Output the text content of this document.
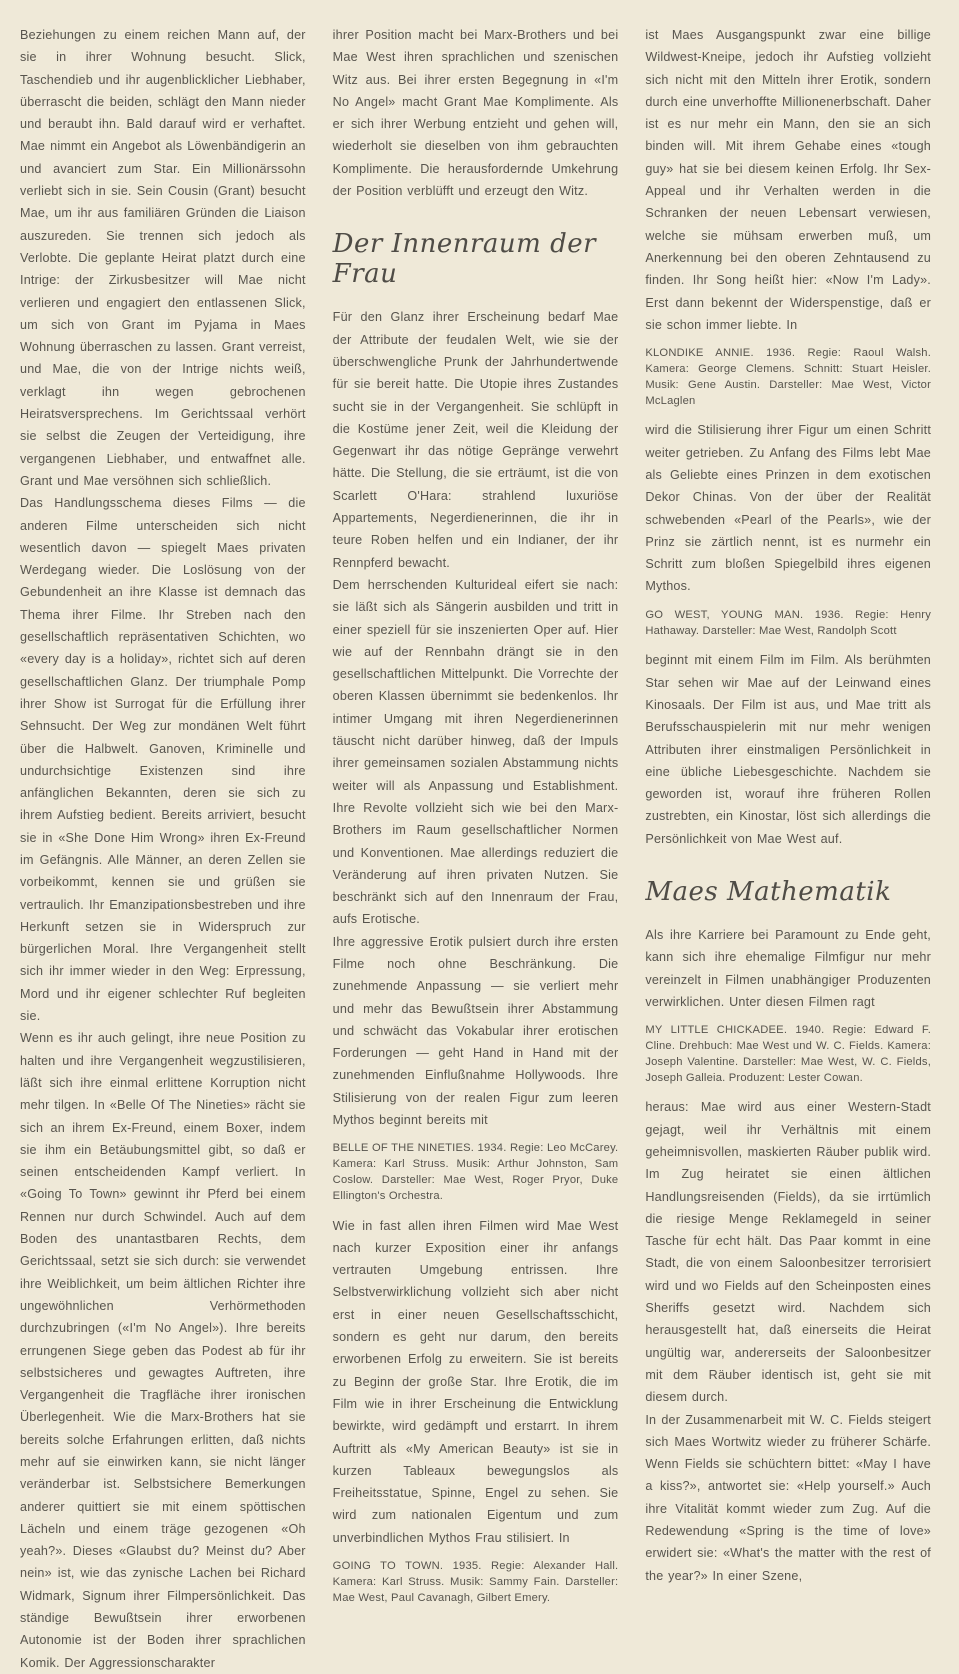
Beziehungen zu einem reichen Mann auf, der sie in ihrer Wohnung besucht. Slick, Taschendieb und ihr augenblicklicher Liebhaber, überrascht die beiden, schlägt den Mann nieder und beraubt ihn. Bald darauf wird er verhaftet. Mae nimmt ein Angebot als Löwenbändigerin an und avanciert zum Star. Ein Millionärssohn verliebt sich in sie. Sein Cousin (Grant) besucht Mae, um ihr aus familiären Gründen die Liaison auszureden. Sie trennen sich jedoch als Verlobte. Die geplante Heirat platzt durch eine Intrige: der Zirkusbesitzer will Mae nicht verlieren und engagiert den entlassenen Slick, um sich von Grant im Pyjama in Maes Wohnung überraschen zu lassen. Grant verreist, und Mae, die von der Intrige nichts weiß, verklagt ihn wegen gebrochenen Heiratsversprechens. Im Gerichtssaal verhört sie selbst die Zeugen der Verteidigung, ihre vergangenen Liebhaber, und entwaffnet alle. Grant und Mae versöhnen sich schließlich.

Das Handlungsschema dieses Films — die anderen Filme unterscheiden sich nicht wesentlich davon — spiegelt Maes privaten Werdegang wieder. Die Loslösung von der Gebundenheit an ihre Klasse ist demnach das Thema ihrer Filme. Ihr Streben nach den gesellschaftlich repräsentativen Schichten, wo «every day is a holiday», richtet sich auf deren gesellschaftlichen Glanz. Der triumphale Pomp ihrer Show ist Surrogat für die Erfüllung ihrer Sehnsucht. Der Weg zur mondänen Welt führt über die Halbwelt. Ganoven, Kriminelle und undurchsichtige Existenzen sind ihre anfänglichen Bekannten, deren sie sich zu ihrem Aufstieg bedient. Bereits arriviert, besucht sie in «She Done Him Wrong» ihren Ex-Freund im Gefängnis. Alle Männer, an deren Zellen sie vorbeikommt, kennen sie und grüßen sie vertraulich. Ihr Emanzipationsbestreben und ihre Herkunft setzen sie in Widerspruch zur bürgerlichen Moral. Ihre Vergangenheit stellt sich ihr immer wieder in den Weg: Erpressung, Mord und ihr eigener schlechter Ruf begleiten sie.

Wenn es ihr auch gelingt, ihre neue Position zu halten und ihre Vergangenheit wegzustilisieren, läßt sich ihre einmal erlittene Korruption nicht mehr tilgen. In «Belle Of The Nineties» rächt sie sich an ihrem Ex-Freund, einem Boxer, indem sie ihm ein Betäubungsmittel gibt, so daß er seinen entscheidenden Kampf verliert. In «Going To Town» gewinnt ihr Pferd bei einem Rennen nur durch Schwindel. Auch auf dem Boden des unantastbaren Rechts, dem Gerichtssaal, setzt sie sich durch: sie verwendet ihre Weiblichkeit, um beim ältlichen Richter ihre ungewöhnlichen Verhörmethoden durchzubringen («I'm No Angel»). Ihre bereits errungenen Siege geben das Podest ab für ihr selbstsicheres und gewagtes Auftreten, ihre Vergangenheit die Tragfläche ihrer ironischen Überlegenheit. Wie die Marx-Brothers hat sie bereits solche Erfahrungen erlitten, daß nichts mehr auf sie einwirken kann, sie nicht länger veränderbar ist. Selbstsichere Bemerkungen anderer quittiert sie mit einem spöttischen Lächeln und einem träge gezogenen «Oh yeah?». Dieses «Glaubst du? Meinst du? Aber nein» ist, wie das zynische Lachen bei Richard Widmark, Signum ihrer Filmpersönlichkeit. Das ständige Bewußtsein ihrer erworbenen Autonomie ist der Boden ihrer sprachlichen Komik. Der Aggressionscharakter

ihrer Position macht bei Marx-Brothers und bei Mae West ihren sprachlichen und szenischen Witz aus. Bei ihrer ersten Begegnung in «I'm No Angel» macht Grant Mae Komplimente. Als er sich ihrer Werbung entzieht und gehen will, wiederholt sie dieselben von ihm gebrauchten Komplimente. Die herausfordernde Umkehrung der Position verblüfft und erzeugt den Witz.

Der Innenraum der Frau

Für den Glanz ihrer Erscheinung bedarf Mae der Attribute der feudalen Welt, wie sie der überschwengliche Prunk der Jahrhundertwende für sie bereit hatte. Die Utopie ihres Zustandes sucht sie in der Vergangenheit. Sie schlüpft in die Kostüme jener Zeit, weil die Kleidung der Gegenwart ihr das nötige Gepränge verwehrt hätte. Die Stellung, die sie erträumt, ist die von Scarlett O'Hara: strahlend luxuriöse Appartements, Negerdienerinnen, die ihr in teure Roben helfen und ein Indianer, der ihr Rennpferd bewacht.

Dem herrschenden Kulturideal eifert sie nach: sie läßt sich als Sängerin ausbilden und tritt in einer speziell für sie inszenierten Oper auf. Hier wie auf der Rennbahn drängt sie in den gesellschaftlichen Mittelpunkt. Die Vorrechte der oberen Klassen übernimmt sie bedenkenlos. Ihr intimer Umgang mit ihren Negerdienerinnen täuscht nicht darüber hinweg, daß der Impuls ihrer gemeinsamen sozialen Abstammung nichts weiter will als Anpassung und Establishment. Ihre Revolte vollzieht sich wie bei den Marx-Brothers im Raum gesellschaftlicher Normen und Konventionen. Mae allerdings reduziert die Veränderung auf ihren privaten Nutzen. Sie beschränkt sich auf den Innenraum der Frau, aufs Erotische.

Ihre aggressive Erotik pulsiert durch ihre ersten Filme noch ohne Beschränkung. Die zunehmende Anpassung — sie verliert mehr und mehr das Bewußtsein ihrer Abstammung und schwächt das Vokabular ihrer erotischen Forderungen — geht Hand in Hand mit der zunehmenden Einflußnahme Hollywoods. Ihre Stilisierung von der realen Figur zum leeren Mythos beginnt bereits mit

BELLE OF THE NINETIES. 1934. Regie: Leo McCarey. Kamera: Karl Struss. Musik: Arthur Johnston, Sam Coslow. Darsteller: Mae West, Roger Pryor, Duke Ellington's Orchestra.

Wie in fast allen ihren Filmen wird Mae West nach kurzer Exposition einer ihr anfangs vertrauten Umgebung entrissen. Ihre Selbstverwirklichung vollzieht sich aber nicht erst in einer neuen Gesellschaftsschicht, sondern es geht nur darum, den bereits erworbenen Erfolg zu erweitern. Sie ist bereits zu Beginn der große Star. Ihre Erotik, die im Film wie in ihrer Erscheinung die Entwicklung bewirkte, wird gedämpft und erstarrt. In ihrem Auftritt als «My American Beauty» ist sie in kurzen Tableaux bewegungslos als Freiheitsstatue, Spinne, Engel zu sehen. Sie wird zum nationalen Eigentum und zum unverbindlichen Mythos Frau stilisiert. In

GOING TO TOWN. 1935. Regie: Alexander Hall. Kamera: Karl Struss. Musik: Sammy Fain. Darsteller: Mae West, Paul Cavanagh, Gilbert Emery.

ist Maes Ausgangspunkt zwar eine billige Wildwest-Kneipe, jedoch ihr Aufstieg vollzieht sich nicht mit den Mitteln ihrer Erotik, sondern durch eine unverhoffte Millionenerbschaft. Daher ist es nur mehr ein Mann, den sie an sich binden will. Mit ihrem Gehabe eines «tough guy» hat sie bei diesem keinen Erfolg. Ihr Sex-Appeal und ihr Verhalten werden in die Schranken der neuen Lebensart verwiesen, welche sie mühsam erwerben muß, um Anerkennung bei den oberen Zehntausend zu finden. Ihr Song heißt hier: «Now I'm Lady». Erst dann bekennt der Widerspenstige, daß er sie schon immer liebte. In

KLONDIKE ANNIE. 1936. Regie: Raoul Walsh. Kamera: George Clemens. Schnitt: Stuart Heisler. Musik: Gene Austin. Darsteller: Mae West, Victor McLaglen

wird die Stilisierung ihrer Figur um einen Schritt weiter getrieben. Zu Anfang des Films lebt Mae als Geliebte eines Prinzen in dem exotischen Dekor Chinas. Von der über der Realität schwebenden «Pearl of the Pearls», wie der Prinz sie zärtlich nennt, ist es nurmehr ein Schritt zum bloßen Spiegelbild ihres eigenen Mythos.

GO WEST, YOUNG MAN. 1936. Regie: Henry Hathaway. Darsteller: Mae West, Randolph Scott

beginnt mit einem Film im Film. Als berühmten Star sehen wir Mae auf der Leinwand eines Kinosaals. Der Film ist aus, und Mae tritt als Berufsschauspielerin mit nur mehr wenigen Attributen ihrer einstmaligen Persönlichkeit in eine übliche Liebesgeschichte. Nachdem sie geworden ist, worauf ihre früheren Rollen zustrebten, ein Kinostar, löst sich allerdings die Persönlichkeit von Mae West auf.

Maes Mathematik

Als ihre Karriere bei Paramount zu Ende geht, kann sich ihre ehemalige Filmfigur nur mehr vereinzelt in Filmen unabhängiger Produzenten verwirklichen. Unter diesen Filmen ragt

MY LITTLE CHICKADEE. 1940. Regie: Edward F. Cline. Drehbuch: Mae West und W. C. Fields. Kamera: Joseph Valentine. Darsteller: Mae West, W. C. Fields, Joseph Galleia. Produzent: Lester Cowan.

heraus: Mae wird aus einer Western-Stadt gejagt, weil ihr Verhältnis mit einem geheimnisvollen, maskierten Räuber publik wird. Im Zug heiratet sie einen ältlichen Handlungsreisenden (Fields), da sie irrtümlich die riesige Menge Reklamegeld in seiner Tasche für echt hält. Das Paar kommt in eine Stadt, die von einem Saloonbesitzer terrorisiert wird und wo Fields auf den Scheinposten eines Sheriffs gesetzt wird. Nachdem sich herausgestellt hat, daß einerseits die Heirat ungültig war, andererseits der Saloonbesitzer mit dem Räuber identisch ist, geht sie mit diesem durch.

In der Zusammenarbeit mit W. C. Fields steigert sich Maes Wortwitz wieder zu früherer Schärfe. Wenn Fields sie schüchtern bittet: «May I have a kiss?», antwortet sie: «Help yourself.» Auch ihre Vitalität kommt wieder zum Zug. Auf die Redewendung «Spring is the time of love» erwidert sie: «What's the matter with the rest of the year?» In einer Szene,
